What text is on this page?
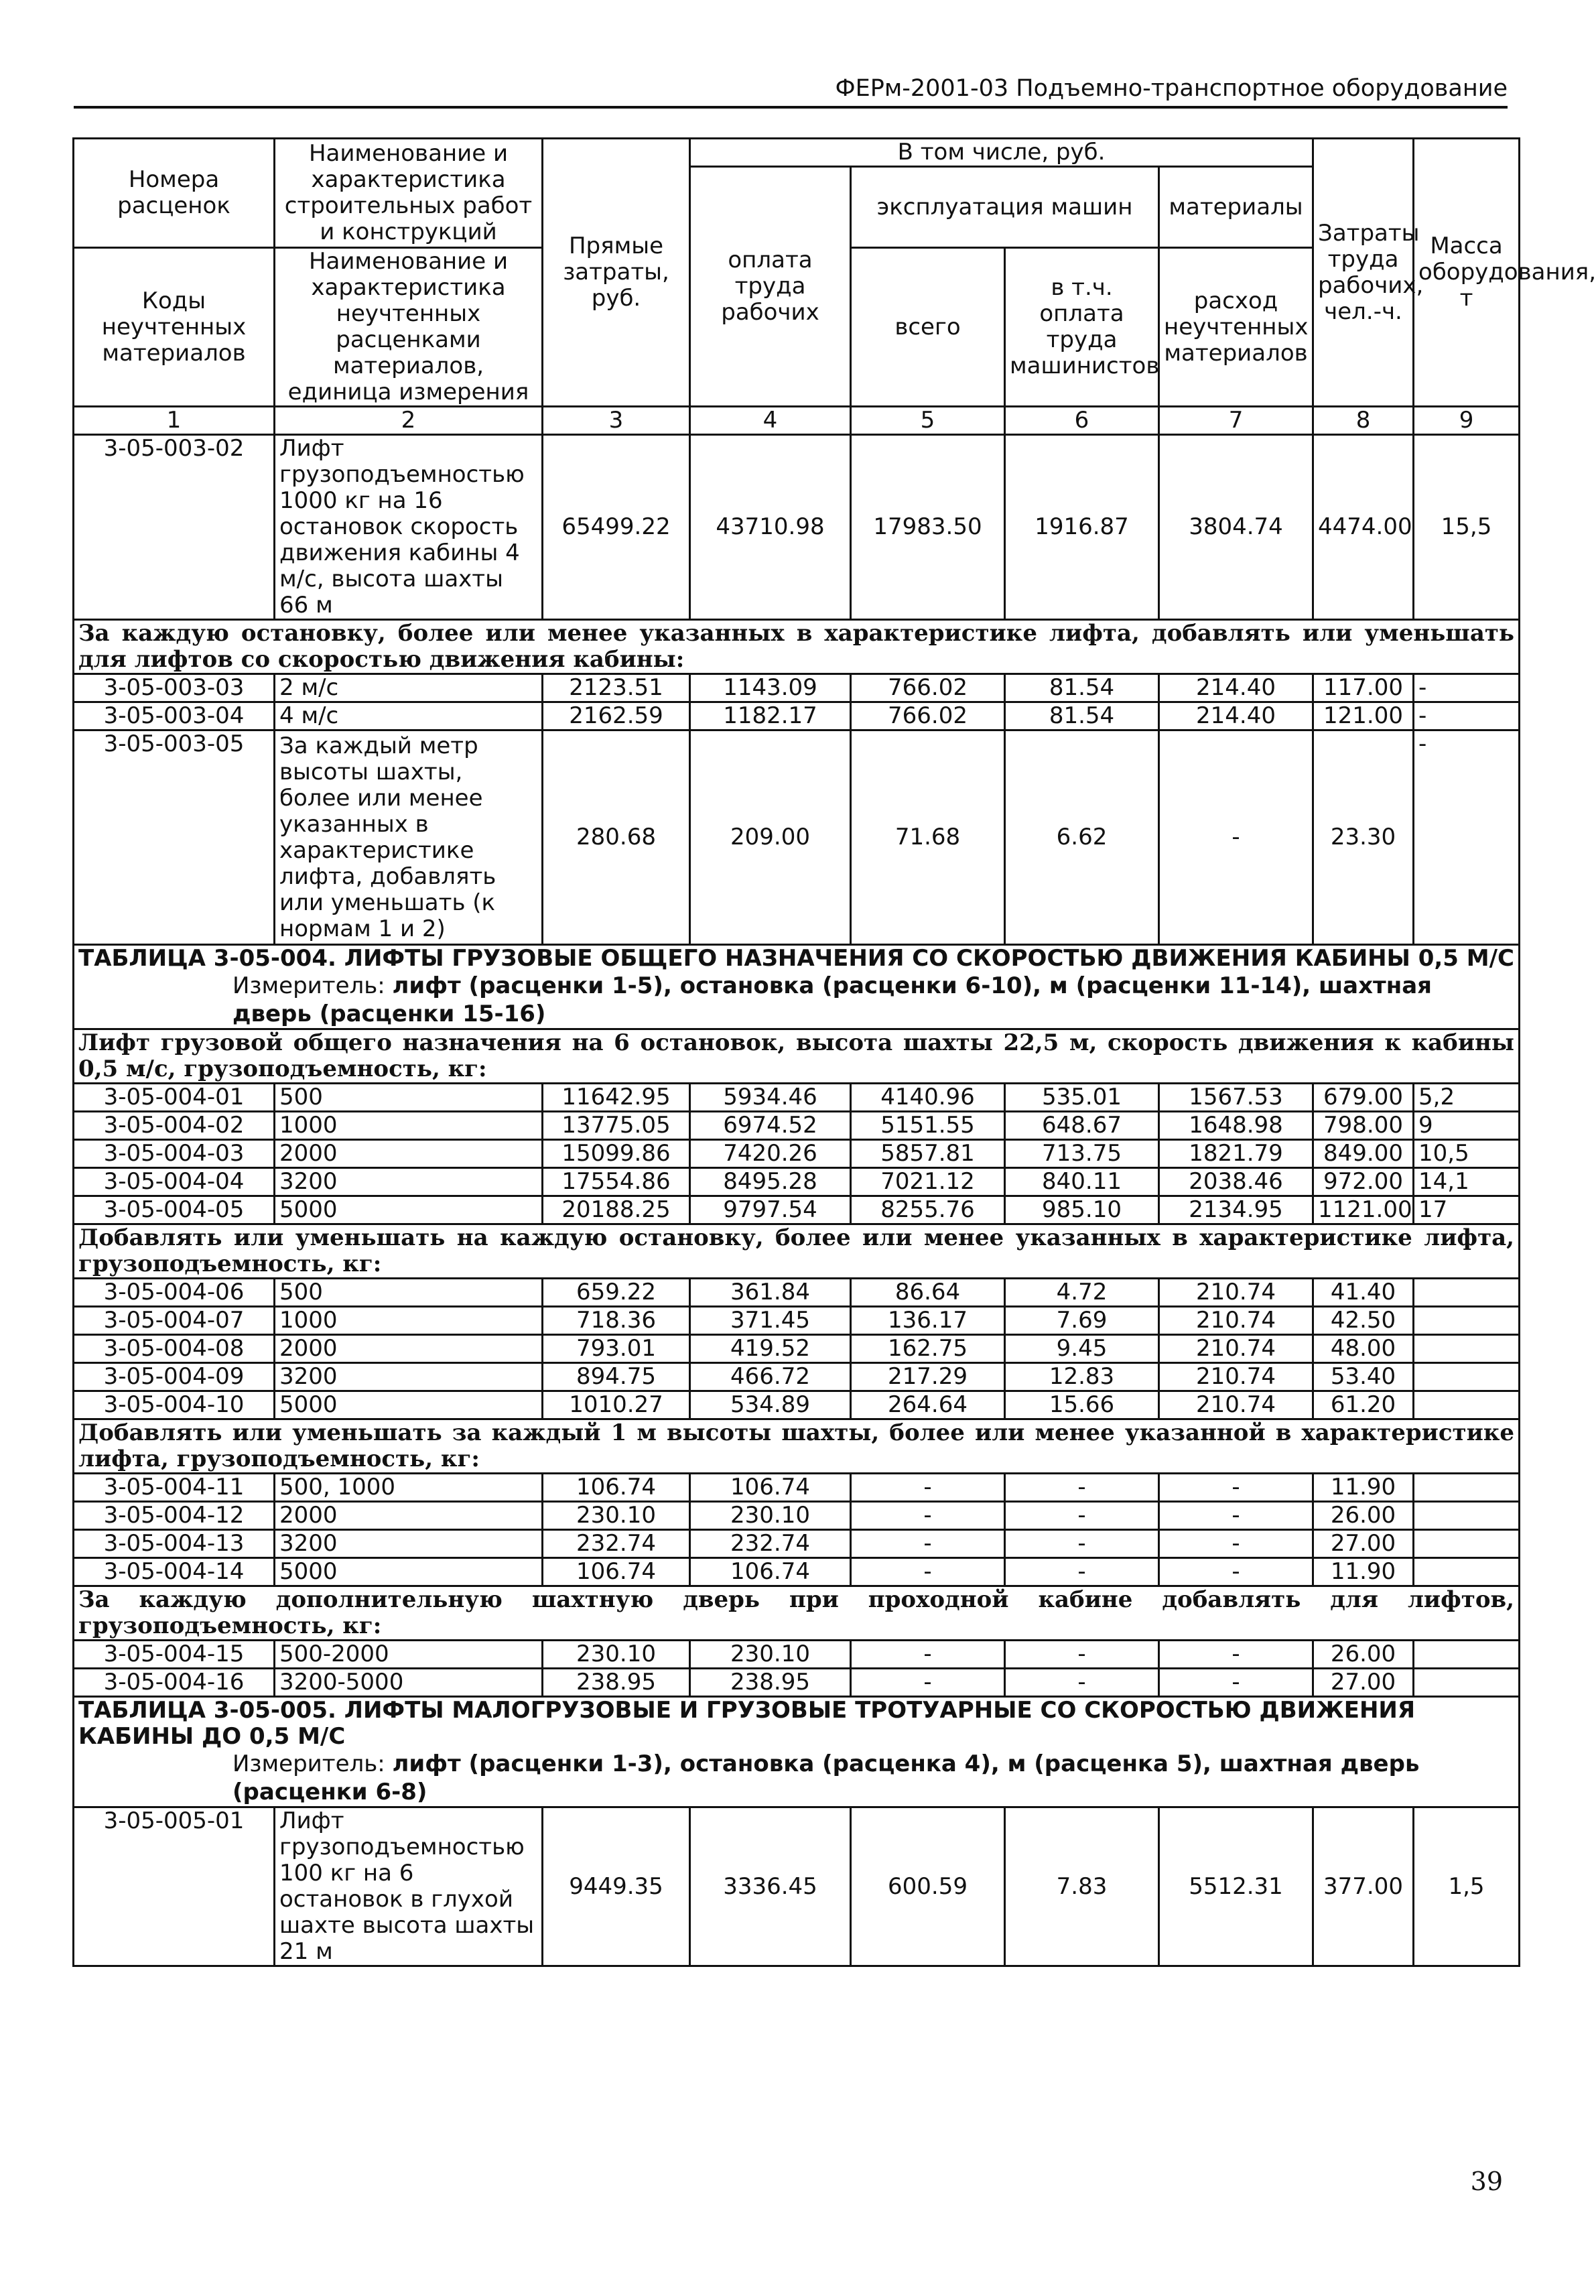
ФЕРм-2001-03 Подъемно-транспортное оборудование
Номера расценок	Наименование и характеристика строительных работ и конструкций	Прямые затраты, руб.	В том числе, руб.				Затраты труда рабочих, чел.-ч.	Масса оборудования, т
			оплата труда рабочих	эксплуатация машин		материалы		
Коды неучтенных материалов	Наименование и характеристика неучтенных расценками материалов, единица измерения			всего	в т.ч. оплата труда машинистов	расход неучтенных материалов		

1	2	3	4	5	6	7	8	9
3-05-003-02	Лифт грузоподъемностью 1000 кг на 16 остановок скорость движения кабины 4 м/с, высота шахты 66 м	65499.22	43710.98	17983.50	1916.87	3804.74	4474.00	15,5
За каждую остановку, более или менее указанных в характеристике лифта, добавлять или уменьшать для лифтов со скоростью движения кабины:								
3-05-003-03	2 м/с	2123.51	1143.09	766.02	81.54	214.40	117.00	-
3-05-003-04	4 м/с	2162.59	1182.17	766.02	81.54	214.40	121.00	-
3-05-003-05	За каждый метр высоты шахты, более или менее указанных в характеристике лифта, добавлять или уменьшать (к нормам 1 и 2)	280.68	209.00	71.68	6.62	-	23.30	-

ТАБЛИЦА 3-05-004. ЛИФТЫ ГРУЗОВЫЕ ОБЩЕГО НАЗНАЧЕНИЯ СО СКОРОСТЬЮ ДВИЖЕНИЯ КАБИНЫ 0,5 М/С
Измеритель: лифт (расценки 1-5), остановка (расценки 6-10), м (расценки 11-14), шахтная дверь (расценки 15-16)								

Лифт грузовой общего назначения на 6 остановок, высота шахты 22,5 м, скорость движения к кабины 0,5 м/с, грузоподъемность, кг:								
3-05-004-01	500	11642.95	5934.46	4140.96	535.01	1567.53	679.00	5,2
3-05-004-02	1000	13775.05	6974.52	5151.55	648.67	1648.98	798.00	9
3-05-004-03	2000	15099.86	7420.26	5857.81	713.75	1821.79	849.00	10,5
3-05-004-04	3200	17554.86	8495.28	7021.12	840.11	2038.46	972.00	14,1
3-05-004-05	5000	20188.25	9797.54	8255.76	985.10	2134.95	1121.00	17
Добавлять или уменьшать на каждую остановку, более или менее указанных в характеристике лифта, грузоподъемность, кг:								
3-05-004-06	500	659.22	361.84	86.64	4.72	210.74	41.40	
3-05-004-07	1000	718.36	371.45	136.17	7.69	210.74	42.50	
3-05-004-08	2000	793.01	419.52	162.75	9.45	210.74	48.00	
3-05-004-09	3200	894.75	466.72	217.29	12.83	210.74	53.40	
3-05-004-10	5000	1010.27	534.89	264.64	15.66	210.74	61.20	
Добавлять или уменьшать за каждый 1 м высоты шахты, более или менее указанной в характеристике лифта, грузоподъемность, кг:								
3-05-004-11	500, 1000	106.74	106.74	-	-	-	11.90	
3-05-004-12	2000	230.10	230.10	-	-	-	26.00	
3-05-004-13	3200	232.74	232.74	-	-	-	27.00	
3-05-004-14	5000	106.74	106.74	-	-	-	11.90	
За каждую дополнительную шахтную дверь при проходной кабине добавлять для лифтов, грузоподъемность, кг:								
3-05-004-15	500-2000	230.10	230.10	-	-	-	26.00	
3-05-004-16	3200-5000	238.95	238.95	-	-	-	27.00	

ТАБЛИЦА 3-05-005. ЛИФТЫ МАЛОГРУЗОВЫЕ И ГРУЗОВЫЕ ТРОТУАРНЫЕ СО СКОРОСТЬЮ ДВИЖЕНИЯ КАБИНЫ ДО 0,5 М/С
Измеритель: лифт (расценки 1-3), остановка (расценка 4), м (расценка 5), шахтная дверь (расценки 6-8)								

3-05-005-01	Лифт грузоподъемностью 100 кг на 6 остановок в глухой шахте высота шахты 21 м	9449.35	3336.45	600.59	7.83	5512.31	377.00	1,5
39
